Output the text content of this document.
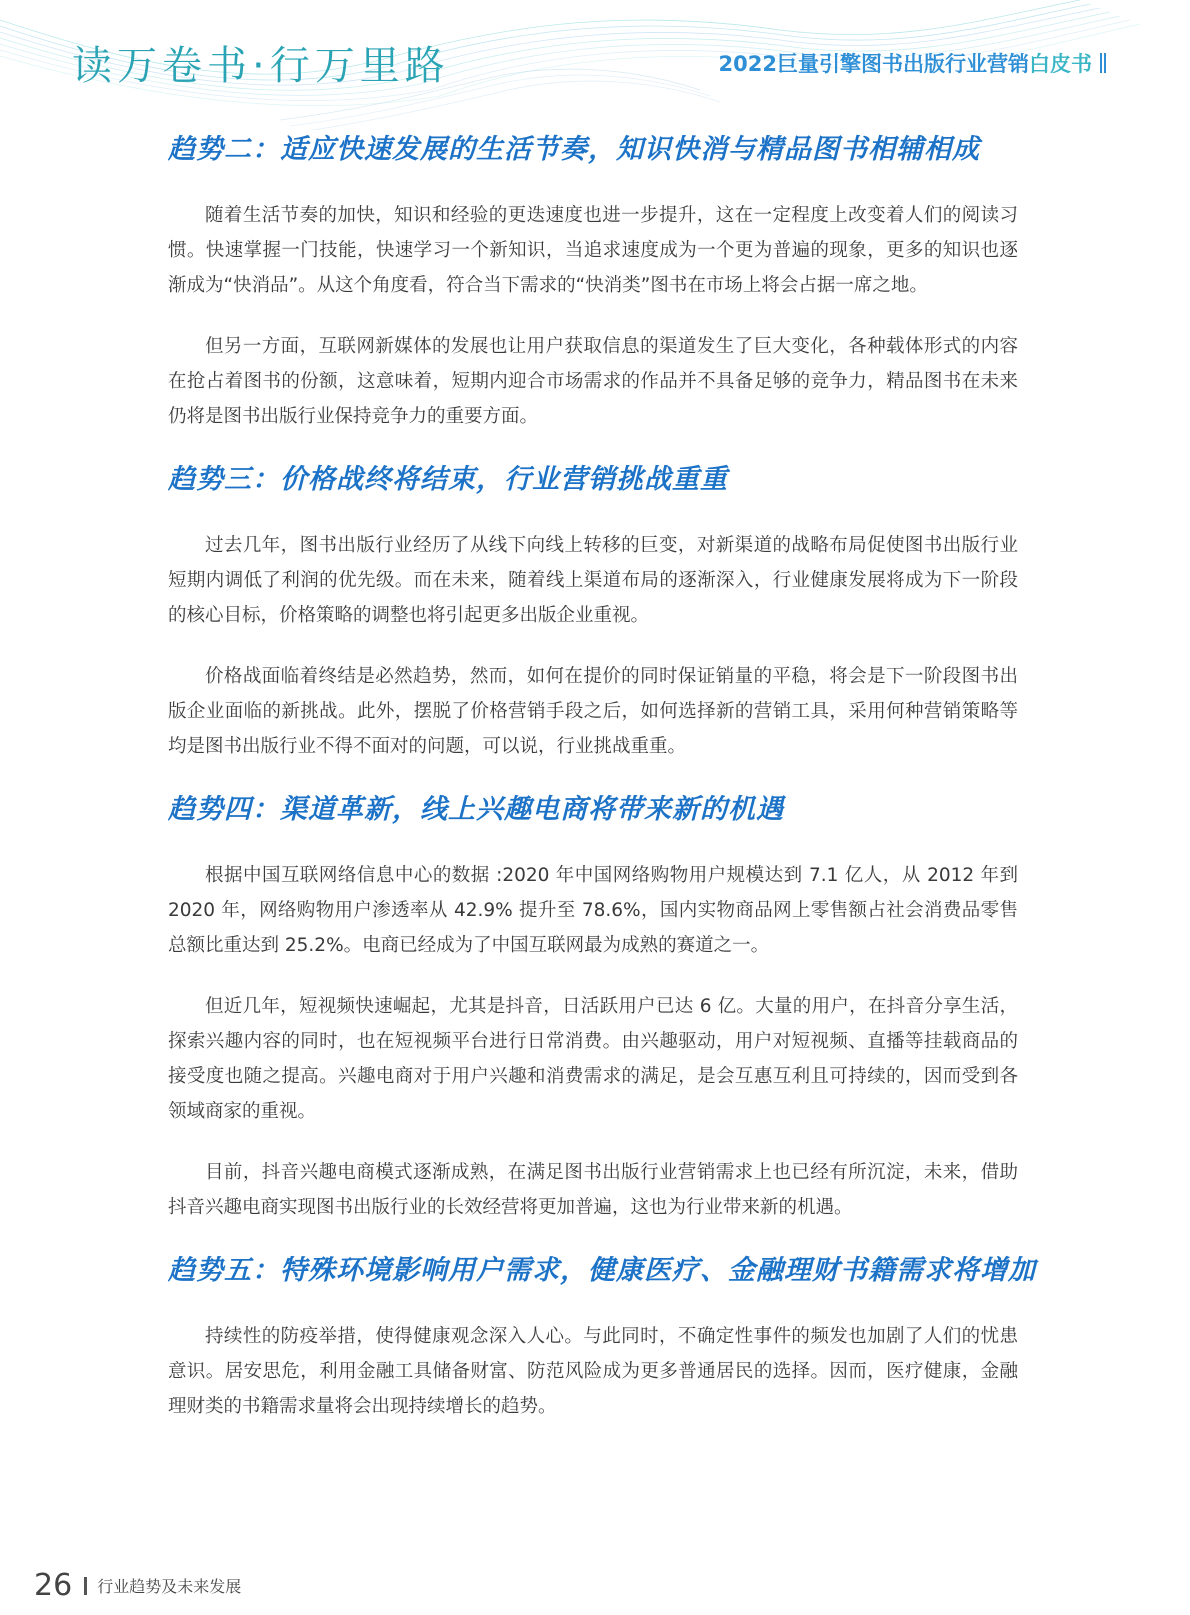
读万卷书·行万里路	2022巨量引擎图书出版行业营销白皮书
趋势二：适应快速发展的生活节奏，知识快消与精品图书相辅相成

随着生活节奏的加快，知识和经验的更迭速度也进一步提升，这在一定程度上改变着人们的阅读习惯。快速掌握一门技能，快速学习一个新知识，当追求速度成为一个更为普遍的现象，更多的知识也逐渐成为“快消品”。从这个角度看，符合当下需求的“快消类”图书在市场上将会占据一席之地。

但另一方面，互联网新媒体的发展也让用户获取信息的渠道发生了巨大变化，各种载体形式的内容在抢占着图书的份额，这意味着，短期内迎合市场需求的作品并不具备足够的竞争力，精品图书在未来仍将是图书出版行业保持竞争力的重要方面。

趋势三：价格战终将结束，行业营销挑战重重

过去几年，图书出版行业经历了从线下向线上转移的巨变，对新渠道的战略布局促使图书出版行业短期内调低了利润的优先级。而在未来，随着线上渠道布局的逐渐深入，行业健康发展将成为下一阶段的核心目标，价格策略的调整也将引起更多出版企业重视。

价格战面临着终结是必然趋势，然而，如何在提价的同时保证销量的平稳，将会是下一阶段图书出版企业面临的新挑战。此外，摆脱了价格营销手段之后，如何选择新的营销工具，采用何种营销策略等均是图书出版行业不得不面对的问题，可以说，行业挑战重重。

趋势四：渠道革新，线上兴趣电商将带来新的机遇

根据中国互联网络信息中心的数据 :2020 年中国网络购物用户规模达到 7.1 亿人，从 2012 年到 2020 年，网络购物用户渗透率从 42.9% 提升至 78.6%，国内实物商品网上零售额占社会消费品零售总额比重达到 25.2%。电商已经成为了中国互联网最为成熟的赛道之一。

但近几年，短视频快速崛起，尤其是抖音，日活跃用户已达 6 亿。大量的用户，在抖音分享生活，探索兴趣内容的同时，也在短视频平台进行日常消费。由兴趣驱动，用户对短视频、直播等挂载商品的接受度也随之提高。兴趣电商对于用户兴趣和消费需求的满足，是会互惠互利且可持续的，因而受到各领域商家的重视。

目前，抖音兴趣电商模式逐渐成熟，在满足图书出版行业营销需求上也已经有所沉淀，未来，借助抖音兴趣电商实现图书出版行业的长效经营将更加普遍，这也为行业带来新的机遇。

趋势五：特殊环境影响用户需求，健康医疗、金融理财书籍需求将增加

持续性的防疫举措，使得健康观念深入人心。与此同时，不确定性事件的频发也加剧了人们的忧患意识。居安思危，利用金融工具储备财富、防范风险成为更多普通居民的选择。因而，医疗健康，金融理财类的书籍需求量将会出现持续增长的趋势。

26 行业趋势及未来发展
